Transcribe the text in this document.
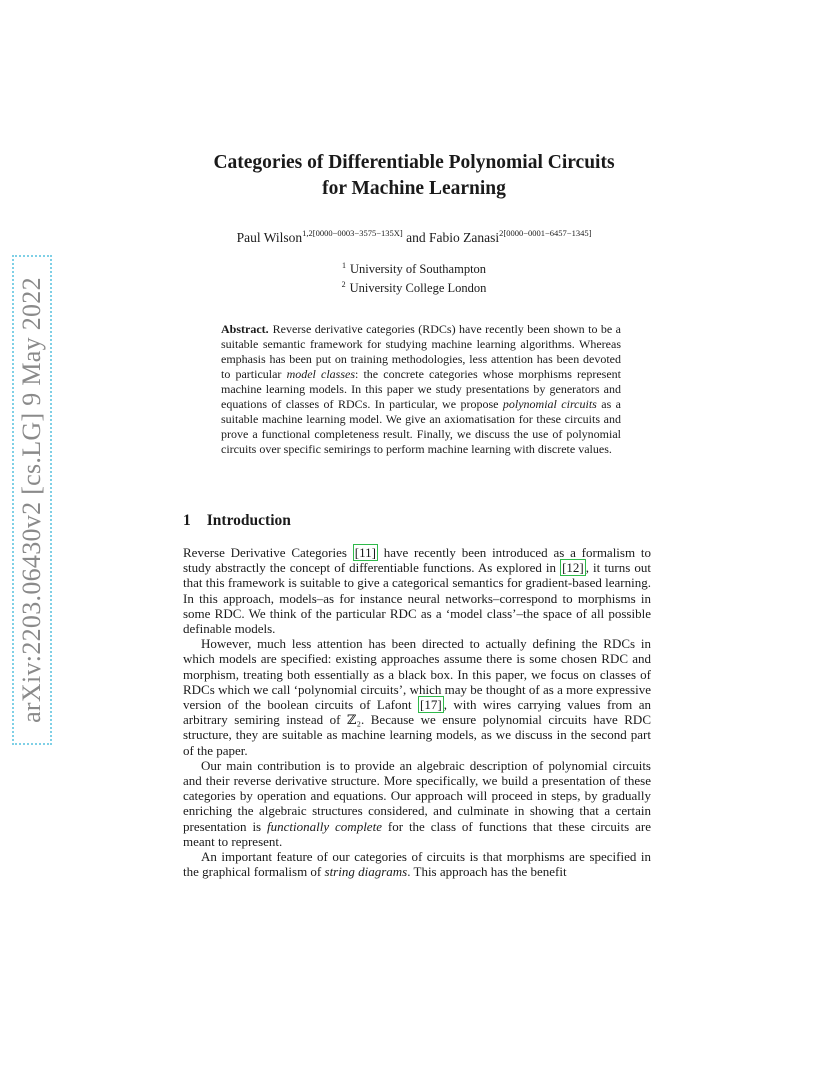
arXiv:2203.06430v2 [cs.LG] 9 May 2022
Categories of Differentiable Polynomial Circuits
for Machine Learning
Paul Wilson$^{1,2[0000-0003-3575-135X]}$ and Fabio Zanasi$^{2[0000-0001-6457-1345]}$
$^1$ University of Southampton
$^2$ University College London
Abstract. Reverse derivative categories (RDCs) have recently been shown to be a suitable semantic framework for studying machine learning algorithms. Whereas emphasis has been put on training methodologies, less attention has been devoted to particular model classes: the concrete categories whose morphisms represent machine learning models. In this paper we study presentations by generators and equations of classes of RDCs. In particular, we propose polynomial circuits as a suitable machine learning model. We give an axiomatisation for these circuits and prove a functional completeness result. Finally, we discuss the use of polynomial circuits over specific semirings to perform machine learning with discrete values.
1 Introduction

Reverse Derivative Categories [11] have recently been introduced as a formalism to study abstractly the concept of differentiable functions. As explored in [12] , it turns out that this framework is suitable to give a categorical semantics for gradient-based learning. In this approach, models–as for instance neural networks–correspond to morphisms in some RDC. We think of the particular RDC as a ‘model class’–the space of all possible definable models.

However, much less attention has been directed to actually defining the RDCs in which models are specified: existing approaches assume there is some chosen RDC and morphism, treating both essentially as a black box. In this paper, we focus on classes of RDCs which we call ‘polynomial circuits’, which may be thought of as a more expressive version of the boolean circuits of Lafont [17] , with wires carrying values from an arbitrary semiring instead of ℤ₂. Because we ensure polynomial circuits have RDC structure, they are suitable as machine learning models, as we discuss in the second part of the paper.

Our main contribution is to provide an algebraic description of polynomial circuits and their reverse derivative structure. More specifically, we build a presentation of these categories by operation and equations. Our approach will proceed in steps, by gradually enriching the algebraic structures considered, and culminate in showing that a certain presentation is functionally complete for the class of functions that these circuits are meant to represent.

An important feature of our categories of circuits is that morphisms are specified in the graphical formalism of string diagrams. This approach has the benefit
